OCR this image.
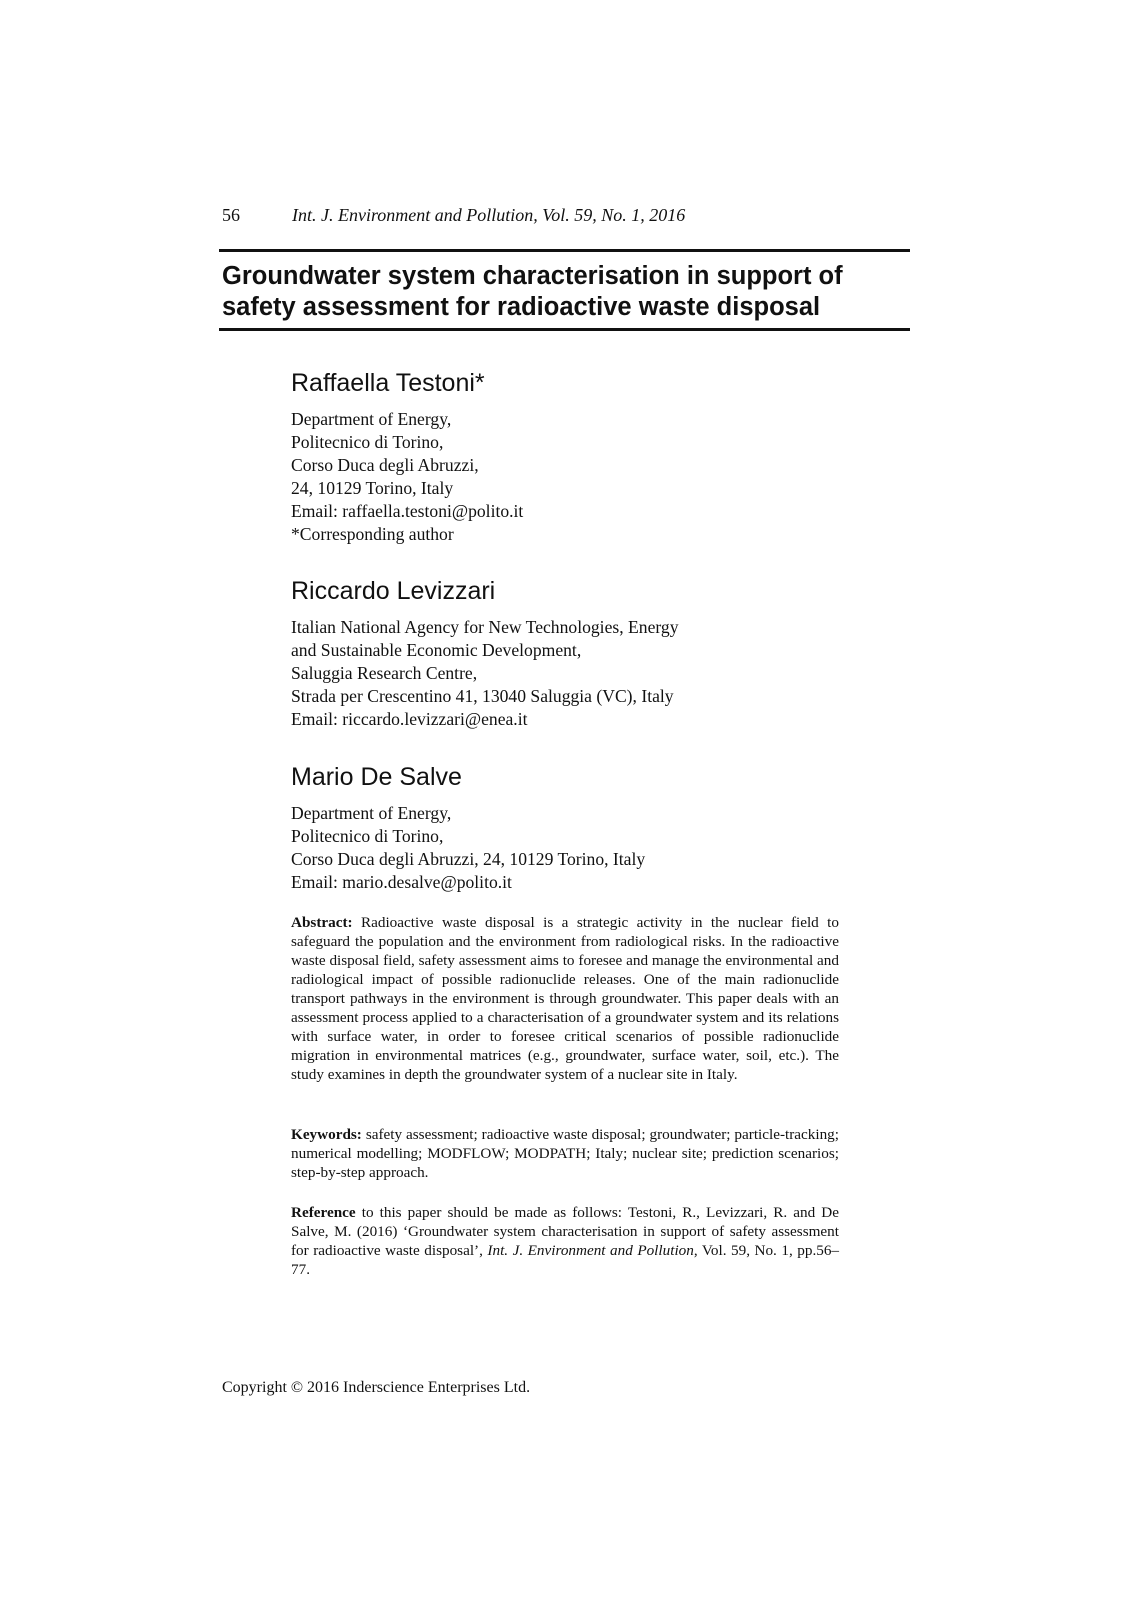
56	Int. J. Environment and Pollution, Vol. 59, No. 1, 2016
Groundwater system characterisation in support of
safety assessment for radioactive waste disposal
Raffaella Testoni*
Department of Energy,
Politecnico di Torino,
Corso Duca degli Abruzzi,
24, 10129 Torino, Italy
Email: raffaella.testoni@polito.it
*Corresponding author
Riccardo Levizzari
Italian National Agency for New Technologies, Energy
and Sustainable Economic Development,
Saluggia Research Centre,
Strada per Crescentino 41, 13040 Saluggia (VC), Italy
Email: riccardo.levizzari@enea.it
Mario De Salve
Department of Energy,
Politecnico di Torino,
Corso Duca degli Abruzzi, 24, 10129 Torino, Italy
Email: mario.desalve@polito.it
Abstract: Radioactive waste disposal is a strategic activity in the nuclear field to safeguard the population and the environment from radiological risks. In the radioactive waste disposal field, safety assessment aims to foresee and manage the environmental and radiological impact of possible radionuclide releases. One of the main radionuclide transport pathways in the environment is through groundwater. This paper deals with an assessment process applied to a characterisation of a groundwater system and its relations with surface water, in order to foresee critical scenarios of possible radionuclide migration in environmental matrices (e.g., groundwater, surface water, soil, etc.). The study examines in depth the groundwater system of a nuclear site in Italy.
Keywords: safety assessment; radioactive waste disposal; groundwater; particle-tracking; numerical modelling; MODFLOW; MODPATH; Italy; nuclear site; prediction scenarios; step-by-step approach.
Reference to this paper should be made as follows: Testoni, R., Levizzari, R. and De Salve, M. (2016) ‘Groundwater system characterisation in support of safety assessment for radioactive waste disposal’, Int. J. Environment and Pollution, Vol. 59, No. 1, pp.56–77.
Copyright © 2016 Inderscience Enterprises Ltd.
